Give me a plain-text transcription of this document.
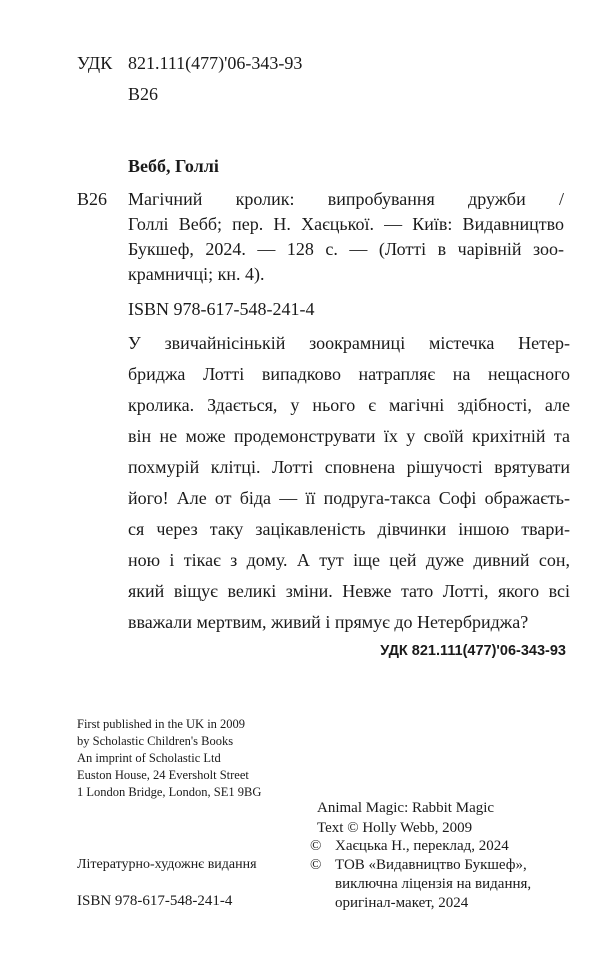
УДК 821.111(477)'06-343-93
В26
Вебб, Голлі
В26 Магічний кролик: випробування дружби /
Голлі Вебб; пер. Н. Хаєцької. — Київ: Видавництво
Букшеф, 2024. — 128 с. — (Лотті в чарівній зоо-
крамничці; кн. 4).
ISBN 978-617-548-241-4
У звичайнісінькій зоокрамниці містечка Нетер-
бриджа Лотті випадково натрапляє на нещасного
кролика. Здається, у нього є магічні здібності, але
він не може продемонструвати їх у своїй крихітній та
похмурій клітці. Лотті сповнена рішучості врятувати
його! Але от біда — її подруга-такса Софі ображаєть-
ся через таку зацікавленість дівчинки іншою твари-
ною і тікає з дому. А тут іще цей дуже дивний сон,
який віщує великі зміни. Невже тато Лотті, якого всі
вважали мертвим, живий і прямує до Нетербриджа?
УДК 821.111(477)'06-343-93
First published in the UK in 2009
by Scholastic Children's Books
An imprint of Scholastic Ltd
Euston House, 24 Eversholt Street
1 London Bridge, London, SE1 9BG
Animal Magic: Rabbit Magic
Text © Holly Webb, 2009
© Хаєцька Н., переклад, 2024
© ТОВ «Видавництво Букшеф»,
виключна ліцензія на видання,
оригінал-макет, 2024
Літературно-художнє видання
ISBN 978-617-548-241-4
